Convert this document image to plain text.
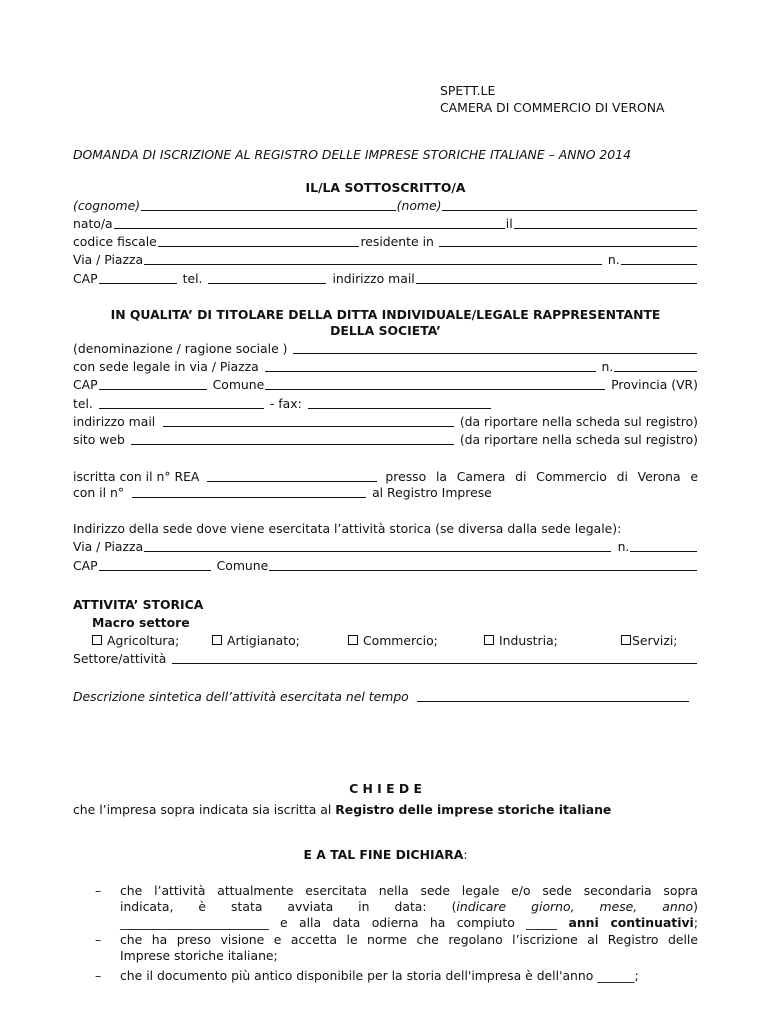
SPETT.LE
CAMERA DI COMMERCIO DI VERONA
DOMANDA DI ISCRIZIONE AL REGISTRO DELLE IMPRESE STORICHE ITALIANE – ANNO 2014
IL/LA SOTTOSCRITTO/A
(cognome)	(nome)
nato/a	il
codice fiscale	residente in
Via / Piazza	n.
CAP	tel.	indirizzo mail
IN QUALITA’ DI TITOLARE DELLA DITTA INDIVIDUALE/LEGALE RAPPRESENTANTE
DELLA SOCIETA’
(denominazione / ragione sociale )
con sede legale in via / Piazza	n.
CAP	Comune	Provincia (VR)
tel.	- fax:
indirizzo mail	(da riportare nella scheda sul registro)
sito web	(da riportare nella scheda sul registro)
iscritta con il n° REA	presso la Camera di Commercio di Verona e
con il n°	al Registro Imprese
Indirizzo della sede dove viene esercitata l’attività storica (se diversa dalla sede legale):
Via / Piazza	n.
CAP	Comune
ATTIVITA’ STORICA
Macro settore
Agricoltura;	Artigianato;	Commercio;	Industria;	Servizi;
Settore/attività
Descrizione sintetica dell’attività esercitata nel tempo
C H I E D E
che l’impresa sopra indicata sia iscritta al Registro delle imprese storiche italiane
E A TAL FINE DICHIARA:
– che l’attività attualmente esercitata nella sede legale e/o sede secondaria sopra
indicata, è stata avviata in data: (indicare giorno, mese, anno)
________________________ e alla data odierna ha compiuto _____ anni continuativi;
– che ha preso visione e accetta le norme che regolano l’iscrizione al Registro delle
Imprese storiche italiane;
– che il documento più antico disponibile per la storia dell'impresa è dell'anno ______;
